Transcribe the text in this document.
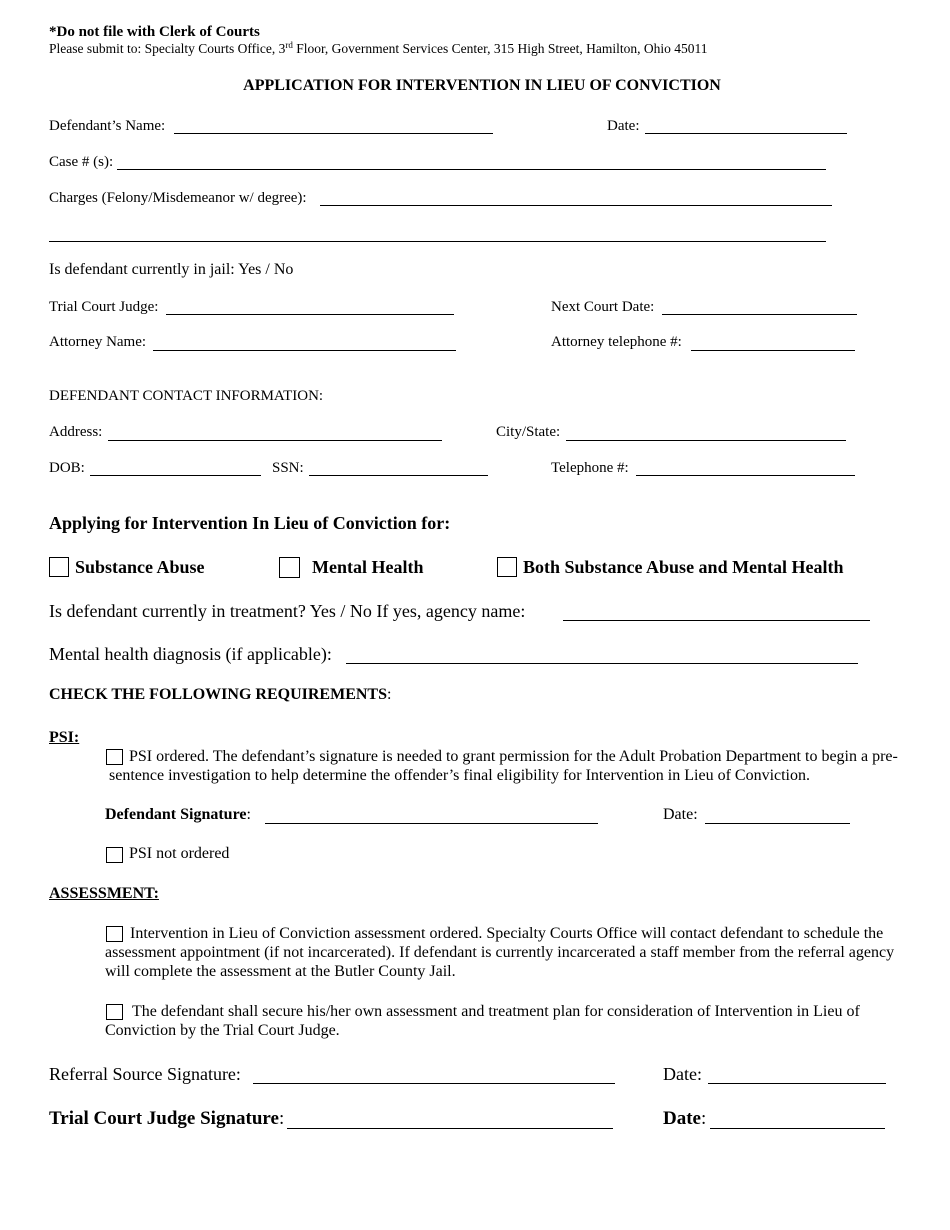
*Do not file with Clerk of Courts
Please submit to: Specialty Courts Office, 3rd Floor, Government Services Center, 315 High Street, Hamilton, Ohio 45011
APPLICATION FOR INTERVENTION IN LIEU OF CONVICTION
Defendant’s Name:	Date:
Case # (s):
Charges (Felony/Misdemeanor w/ degree):
Is defendant currently in jail: Yes / No
Trial Court Judge:	Next Court Date:
Attorney Name:	Attorney telephone #:
DEFENDANT CONTACT INFORMATION:
Address:	City/State:
DOB:	SSN:	Telephone #:
Applying for Intervention In Lieu of Conviction for:
Substance Abuse	Mental Health	Both Substance Abuse and Mental Health
Is defendant currently in treatment? Yes / No If yes, agency name:
Mental health diagnosis (if applicable):
CHECK THE FOLLOWING REQUIREMENTS:
PSI:
PSI ordered. The defendant’s signature is needed to grant permission for the Adult Probation Department to begin a pre-sentence investigation to help determine the offender’s final eligibility for Intervention in Lieu of Conviction.
Defendant Signature:	Date:
PSI not ordered
ASSESSMENT:
Intervention in Lieu of Conviction assessment ordered. Specialty Courts Office will contact defendant to schedule the assessment appointment (if not incarcerated). If defendant is currently incarcerated a staff member from the referral agency will complete the assessment at the Butler County Jail.
The defendant shall secure his/her own assessment and treatment plan for consideration of Intervention in Lieu of Conviction by the Trial Court Judge.
Referral Source Signature:	Date:
Trial Court Judge Signature:	Date:
